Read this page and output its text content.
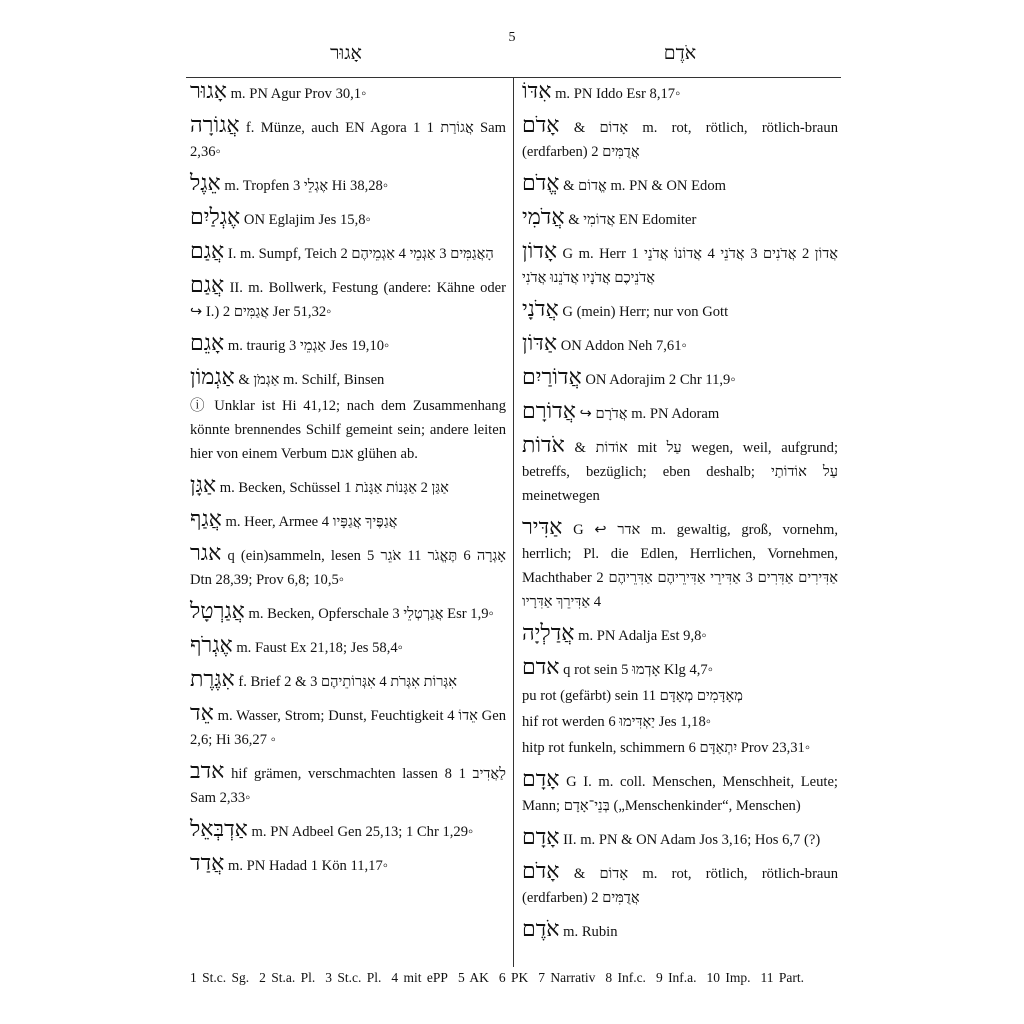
5
אָגוּר	אֹדֶם
אָגוּר m. PN Agur Prov 30,1◦
אֲגוֹרָה f. Münze, auch EN Agora 1 אֲגוֹרַת 1 Sam 2,36◦
אֵגֶל m. Tropfen 3 אֶגְלֵי Hi 38,28◦
אֶגְלַיִם ON Eglajim Jes 15,8◦
אֲגַם I. m. Sumpf, Teich 2 הָאֲגַמִּים 3 אַגְמֵי 4 אַגְמֵיהֶם
אֲגַם II. m. Bollwerk, Festung (andere: Kähne oder ↪ I.) 2 אֲגַמִּים Jer 51,32◦
אָגֵם m. traurig 3 אַגְמֵי Jes 19,10◦
אַגְמוֹן & אַגְמֹן m. Schilf, Binsen
ⓘ Unklar ist Hi 41,12; nach dem Zusammenhang könnte brennendes Schilf gemeint sein; andere leiten hier von einem Verbum אגם glühen ab.
אַגָּן m. Becken, Schüssel 1 אַגַּן 2 אַגָּנוֹת אַגָּנֹת
אֲגַף m. Heer, Armee 4 אֲגַפֶּיךָ אֲגַפָּיו
אגר q (ein)sammeln, lesen 5 אָגְרָה 6 תֶּאֱגֹר 11 אֹגֵר Dtn 28,39; Prov 6,8; 10,5◦
אֲגַרְטָל m. Becken, Opferschale 3 אֲגַרְטְלֵי Esr 1,9◦
אֶגְרֹף m. Faust Ex 21,18; Jes 58,4◦
אִגֶּרֶת f. Brief 2 & 3 אִגְּרוֹת אִגְּרֹת 4 אִגְּרוֹתֵיהֶם
אֵד m. Wasser, Strom; Dunst, Feuchtigkeit 4 אֵדוֹ Gen 2,6; Hi 36,27 ◦
אדב hif grämen, verschmachten lassen 8 לַאֲדִיב 1 Sam 2,33◦
אַדְבְּאֵל m. PN Adbeel Gen 25,13; 1 Chr 1,29◦
אֲדַד m. PN Hadad 1 Kön 11,17◦
אִדּוֹ m. PN Iddo Esr 8,17◦
אָדֹם & אָדוֹם m. rot, rötlich, rötlich-braun (erdfarben) 2 אֲדֻמִּים
אֱדֹם & אֱדוֹם m. PN & ON Edom
אֲדֹמִי & אֲדוֹמִי EN Edomiter
אָדוֹן G m. Herr 1 אֲדוֹן 2 אֲדֹנִים 3 אֲדֹנֵי 4 אֲדוֹנוֹ אֲדֹנֵי אֲדֹנֵיכֶם אֲדֹנָיו אֲדֹנֵנוּ אֲדֹנִי
אֲדֹנָי G (mein) Herr; nur von Gott
אַדּוֹן ON Addon Neh 7,61◦
אֲדוֹרַיִם ON Adorajim 2 Chr 11,9◦
אֲדוֹרָם ↪ אֲדֹרָם m. PN Adoram
אֹדוֹת & אוֹדוֹת mit עַל wegen, weil, aufgrund; betreffs, bezüglich; eben deshalb; עַל אוֹדוֹתַי meinetwegen
אַדִּיר G ↩ אדר m. gewaltig, groß, vornehm, herrlich; Pl. die Edlen, Herrlichen, Vornehmen, Machthaber 2 אַדִּירִים אַדִּרִים 3 אַדִּירֵי אַדִּירֵיהֶם אַדִּרֵיהֶם 4 אַדִּירֵךְ אַדִּרָיו
אֲדַלְיָה m. PN Adalja Est 9,8◦
אדם q rot sein 5 אָדְמוּ Klg 4,7◦
pu rot (gefärbt) sein 11 מְאָדָּמִים מְאָדָּם
hif rot werden 6 יַאְדִּימוּ Jes 1,18◦
hitp rot funkeln, schimmern 6 יִתְאַדָּם Prov 23,31◦
אָדָם G I. m. coll. Menschen, Menschheit, Leute; Mann; בְּנֵי־אָדָם („Menschenkinder“, Menschen)
אָדָם II. m. PN & ON Adam Jos 3,16; Hos 6,7 (?)
אָדֹם & אָדוֹם m. rot, rötlich, rötlich-braun (erdfarben) 2 אֲדֻמִּים
אֹדֶם m. Rubin
1 St.c. Sg. 2 St.a. Pl. 3 St.c. Pl. 4 mit ePP 5 AK 6 PK 7 Narrativ 8 Inf.c. 9 Inf.a. 10 Imp. 11 Part.
